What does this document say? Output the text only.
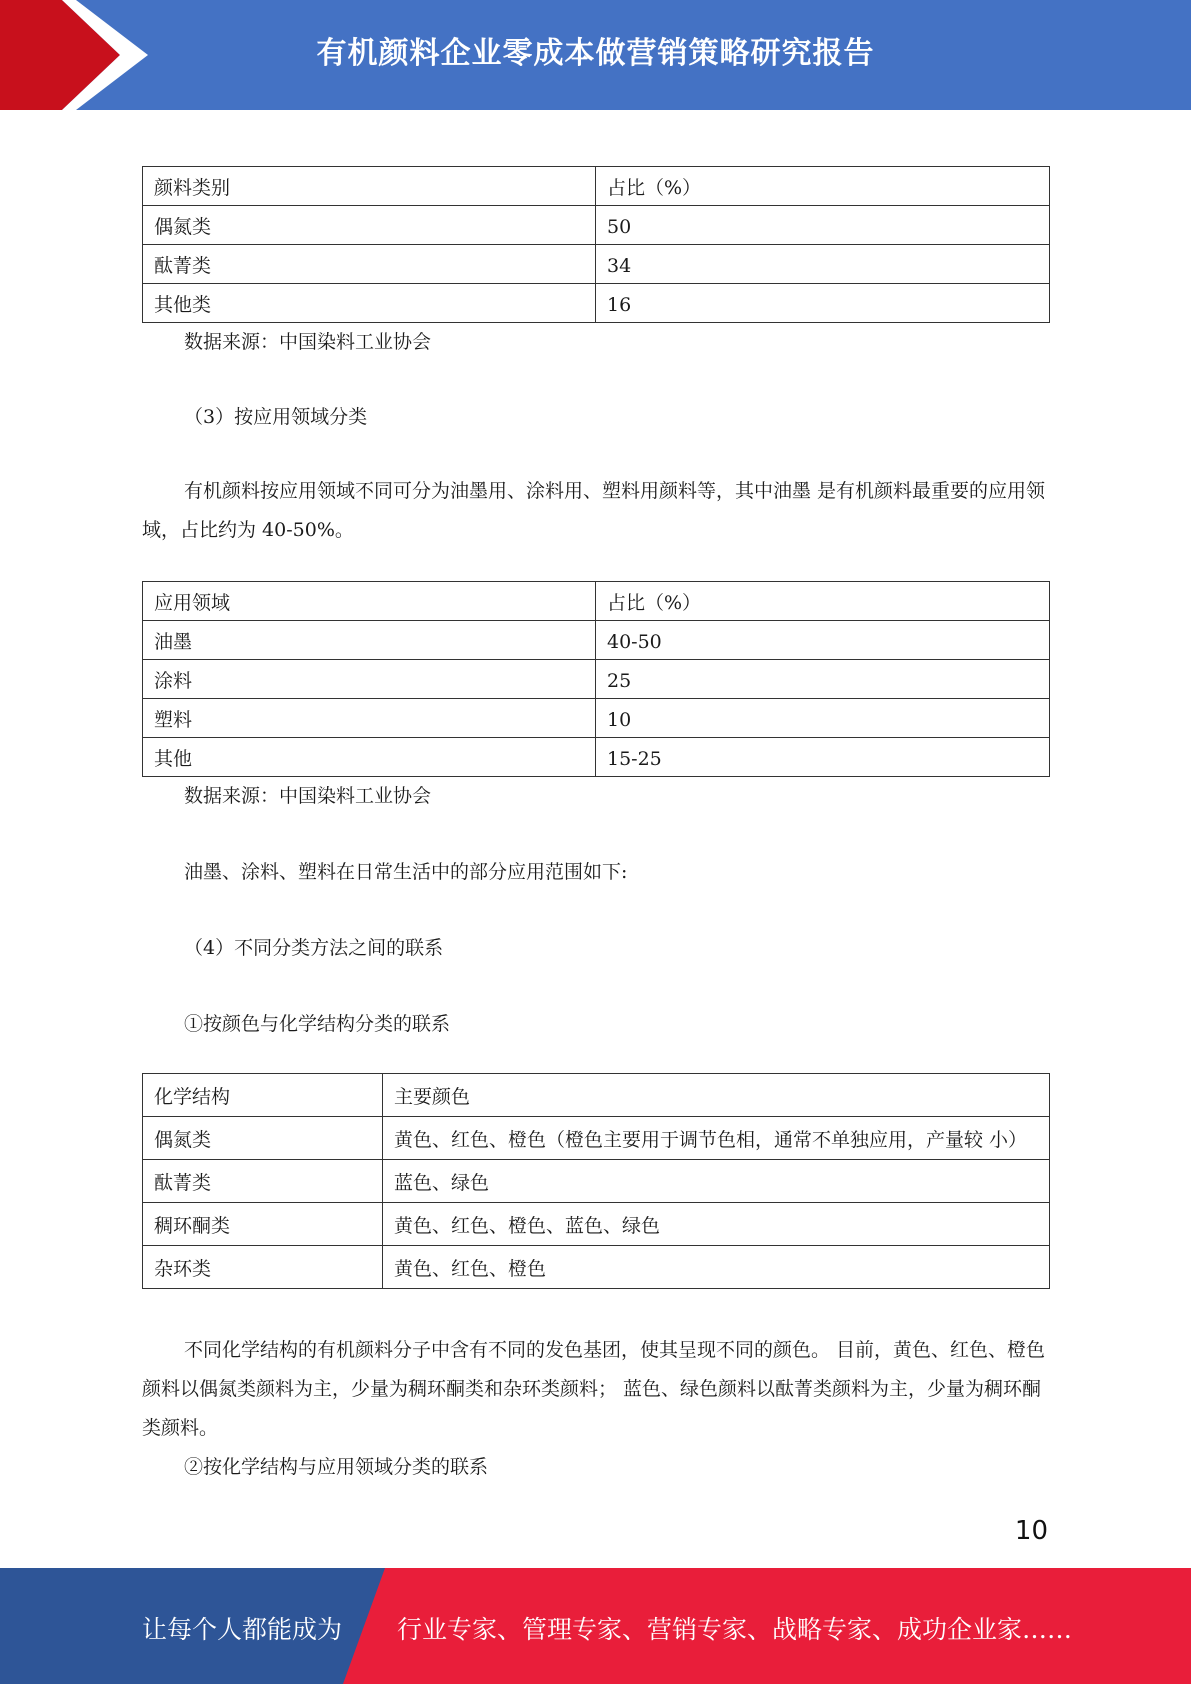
有机颜料企业零成本做营销策略研究报告
颜料类别	占比（%）
偶氮类	50
酞菁类	34
其他类	16

数据来源：中国染料工业协会

（3）按应用领域分类

有机颜料按应用领域不同可分为油墨用、涂料用、塑料用颜料等，其中油墨 是有机颜料最重要的应用领域，占比约为 40-50%。

应用领域	占比（%）
油墨	40-50
涂料	25
塑料	10
其他	15-25

数据来源：中国染料工业协会

油墨、涂料、塑料在日常生活中的部分应用范围如下:

（4）不同分类方法之间的联系

①按颜色与化学结构分类的联系

化学结构	主要颜色
偶氮类	黄色、红色、橙色（橙色主要用于调节色相，通常不单独应用，产量较 小）
酞菁类	蓝色、绿色
稠环酮类	黄色、红色、橙色、蓝色、绿色
杂环类	黄色、红色、橙色

不同化学结构的有机颜料分子中含有不同的发色基团，使其呈现不同的颜色。 目前，黄色、红色、橙色颜料以偶氮类颜料为主，少量为稠环酮类和杂环类颜料； 蓝色、绿色颜料以酞菁类颜料为主，少量为稠环酮类颜料。

②按化学结构与应用领域分类的联系

10
让每个人都能成为 行业专家、管理专家、营销专家、战略专家、成功企业家……
